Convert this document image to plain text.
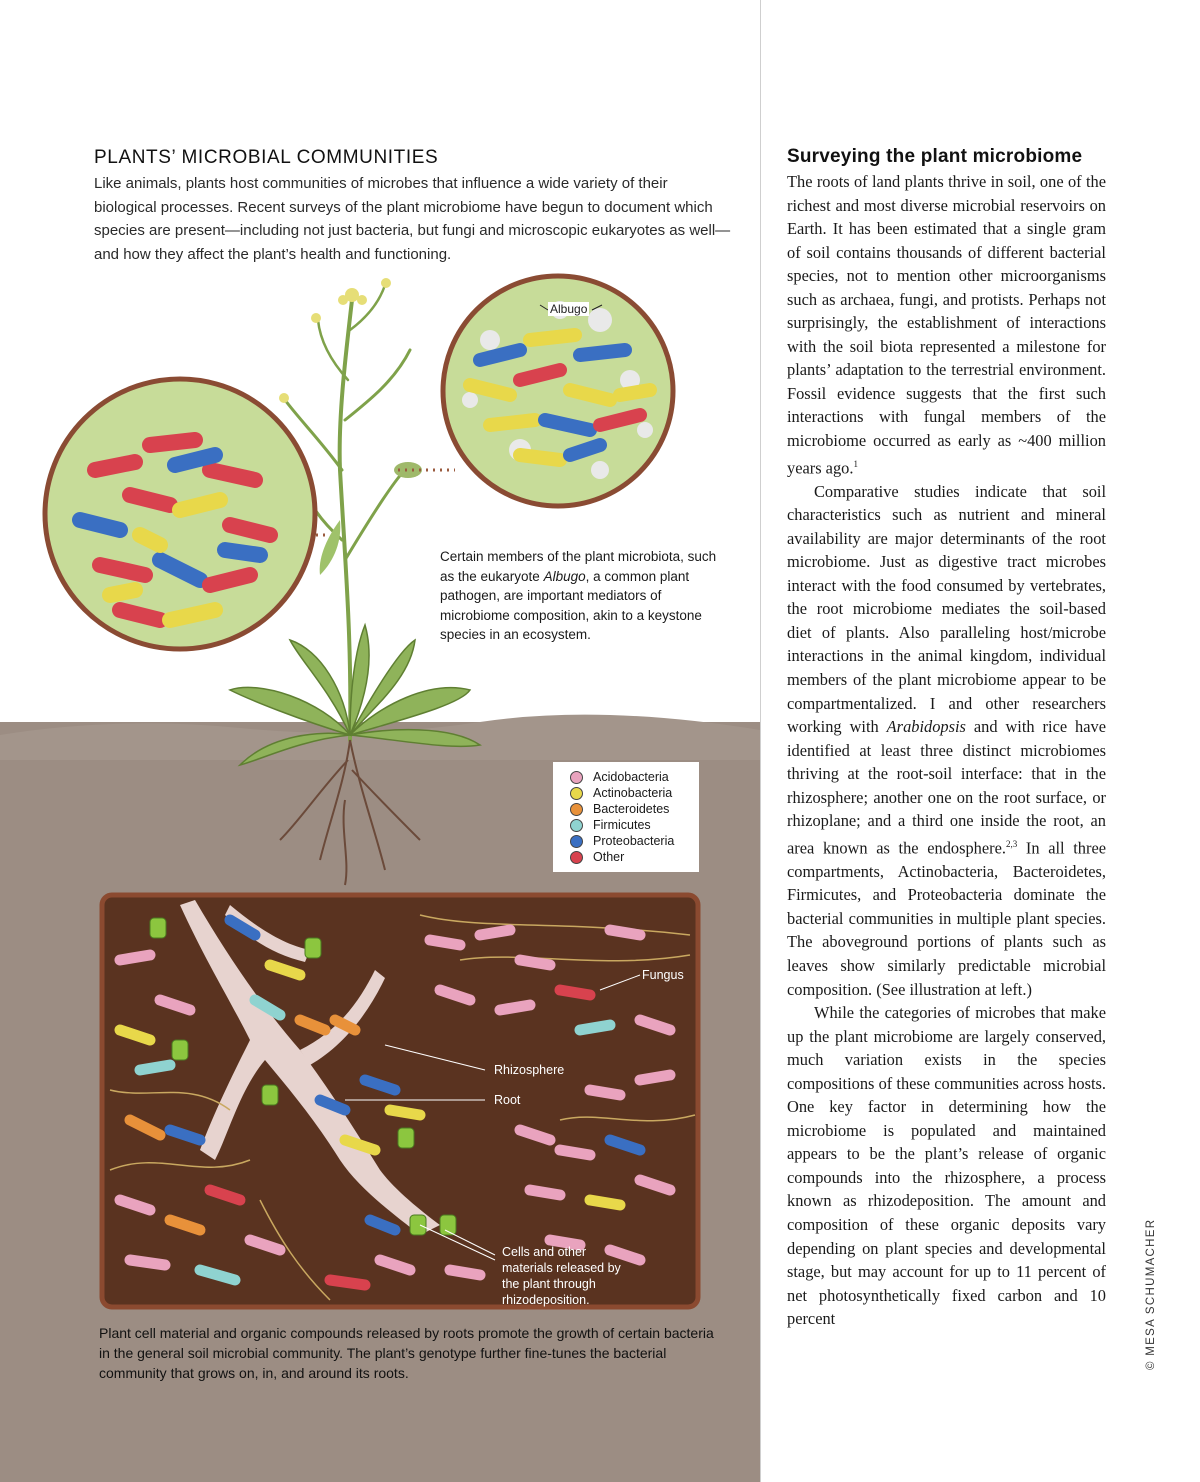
PLANTS’ MICROBIAL COMMUNITIES
Like animals, plants host communities of microbes that influence a wide variety of their biological processes. Recent surveys of the plant microbiome have begun to document which species are present—including not just bacteria, but fungi and microscopic eukaryotes as well—and how they affect the plant’s health and functioning.
Albugo
Certain members of the plant microbiota, such as the eukaryote Albugo, a common plant pathogen, are important mediators of microbiome composition, akin to a keystone species in an ecosystem.
Acidobacteria
Actinobacteria
Bacteroidetes
Firmicutes
Proteobacteria
Other
Fungus
Rhizosphere
Root
Cells and other materials released by the plant through rhizodeposition.
Plant cell material and organic compounds released by roots promote the growth of certain bacteria in the general soil microbial community. The plant’s genotype further fine-tunes the bacterial community that grows on, in, and around its roots.
Surveying the plant microbiome

The roots of land plants thrive in soil, one of the richest and most diverse microbial reservoirs on Earth. It has been estimated that a single gram of soil contains thousands of different bacterial species, not to mention other microorganisms such as archaea, fungi, and protists. Perhaps not surprisingly, the establishment of interactions with the soil biota represented a milestone for plants’ adaptation to the terrestrial environment. Fossil evidence suggests that the first such interactions with fungal members of the microbiome occurred as early as ~400 million years ago.$^1$

Comparative studies indicate that soil characteristics such as nutrient and mineral availability are major determinants of the root microbiome. Just as digestive tract microbes interact with the food consumed by vertebrates, the root microbiome mediates the soil-based diet of plants. Also paralleling host/microbe interactions in the animal kingdom, individual members of the plant microbiome appear to be compartmentalized. I and other researchers working with Arabidopsis and with rice have identified at least three distinct microbiomes thriving at the root-soil interface: that in the rhizosphere; another one on the root surface, or rhizoplane; and a third one inside the root, an area known as the endosphere.$^{2,3}$ In all three compartments, Actinobacteria, Bacteroidetes, Firmicutes, and Proteobacteria dominate the bacterial communities in multiple plant species. The aboveground portions of plants such as leaves show similarly predictable microbial composition. (See illustration at left.)

While the categories of microbes that make up the plant microbiome are largely conserved, much variation exists in the species compositions of these communities across hosts. One key factor in determining how the microbiome is populated and maintained appears to be the plant’s release of organic compounds into the rhizosphere, a process known as rhizodeposition. The amount and composition of these organic deposits vary depending on plant species and developmental stage, but may account for up to 11 percent of net photosynthetically fixed carbon and 10 percent	© MESA SCHUMACHER
